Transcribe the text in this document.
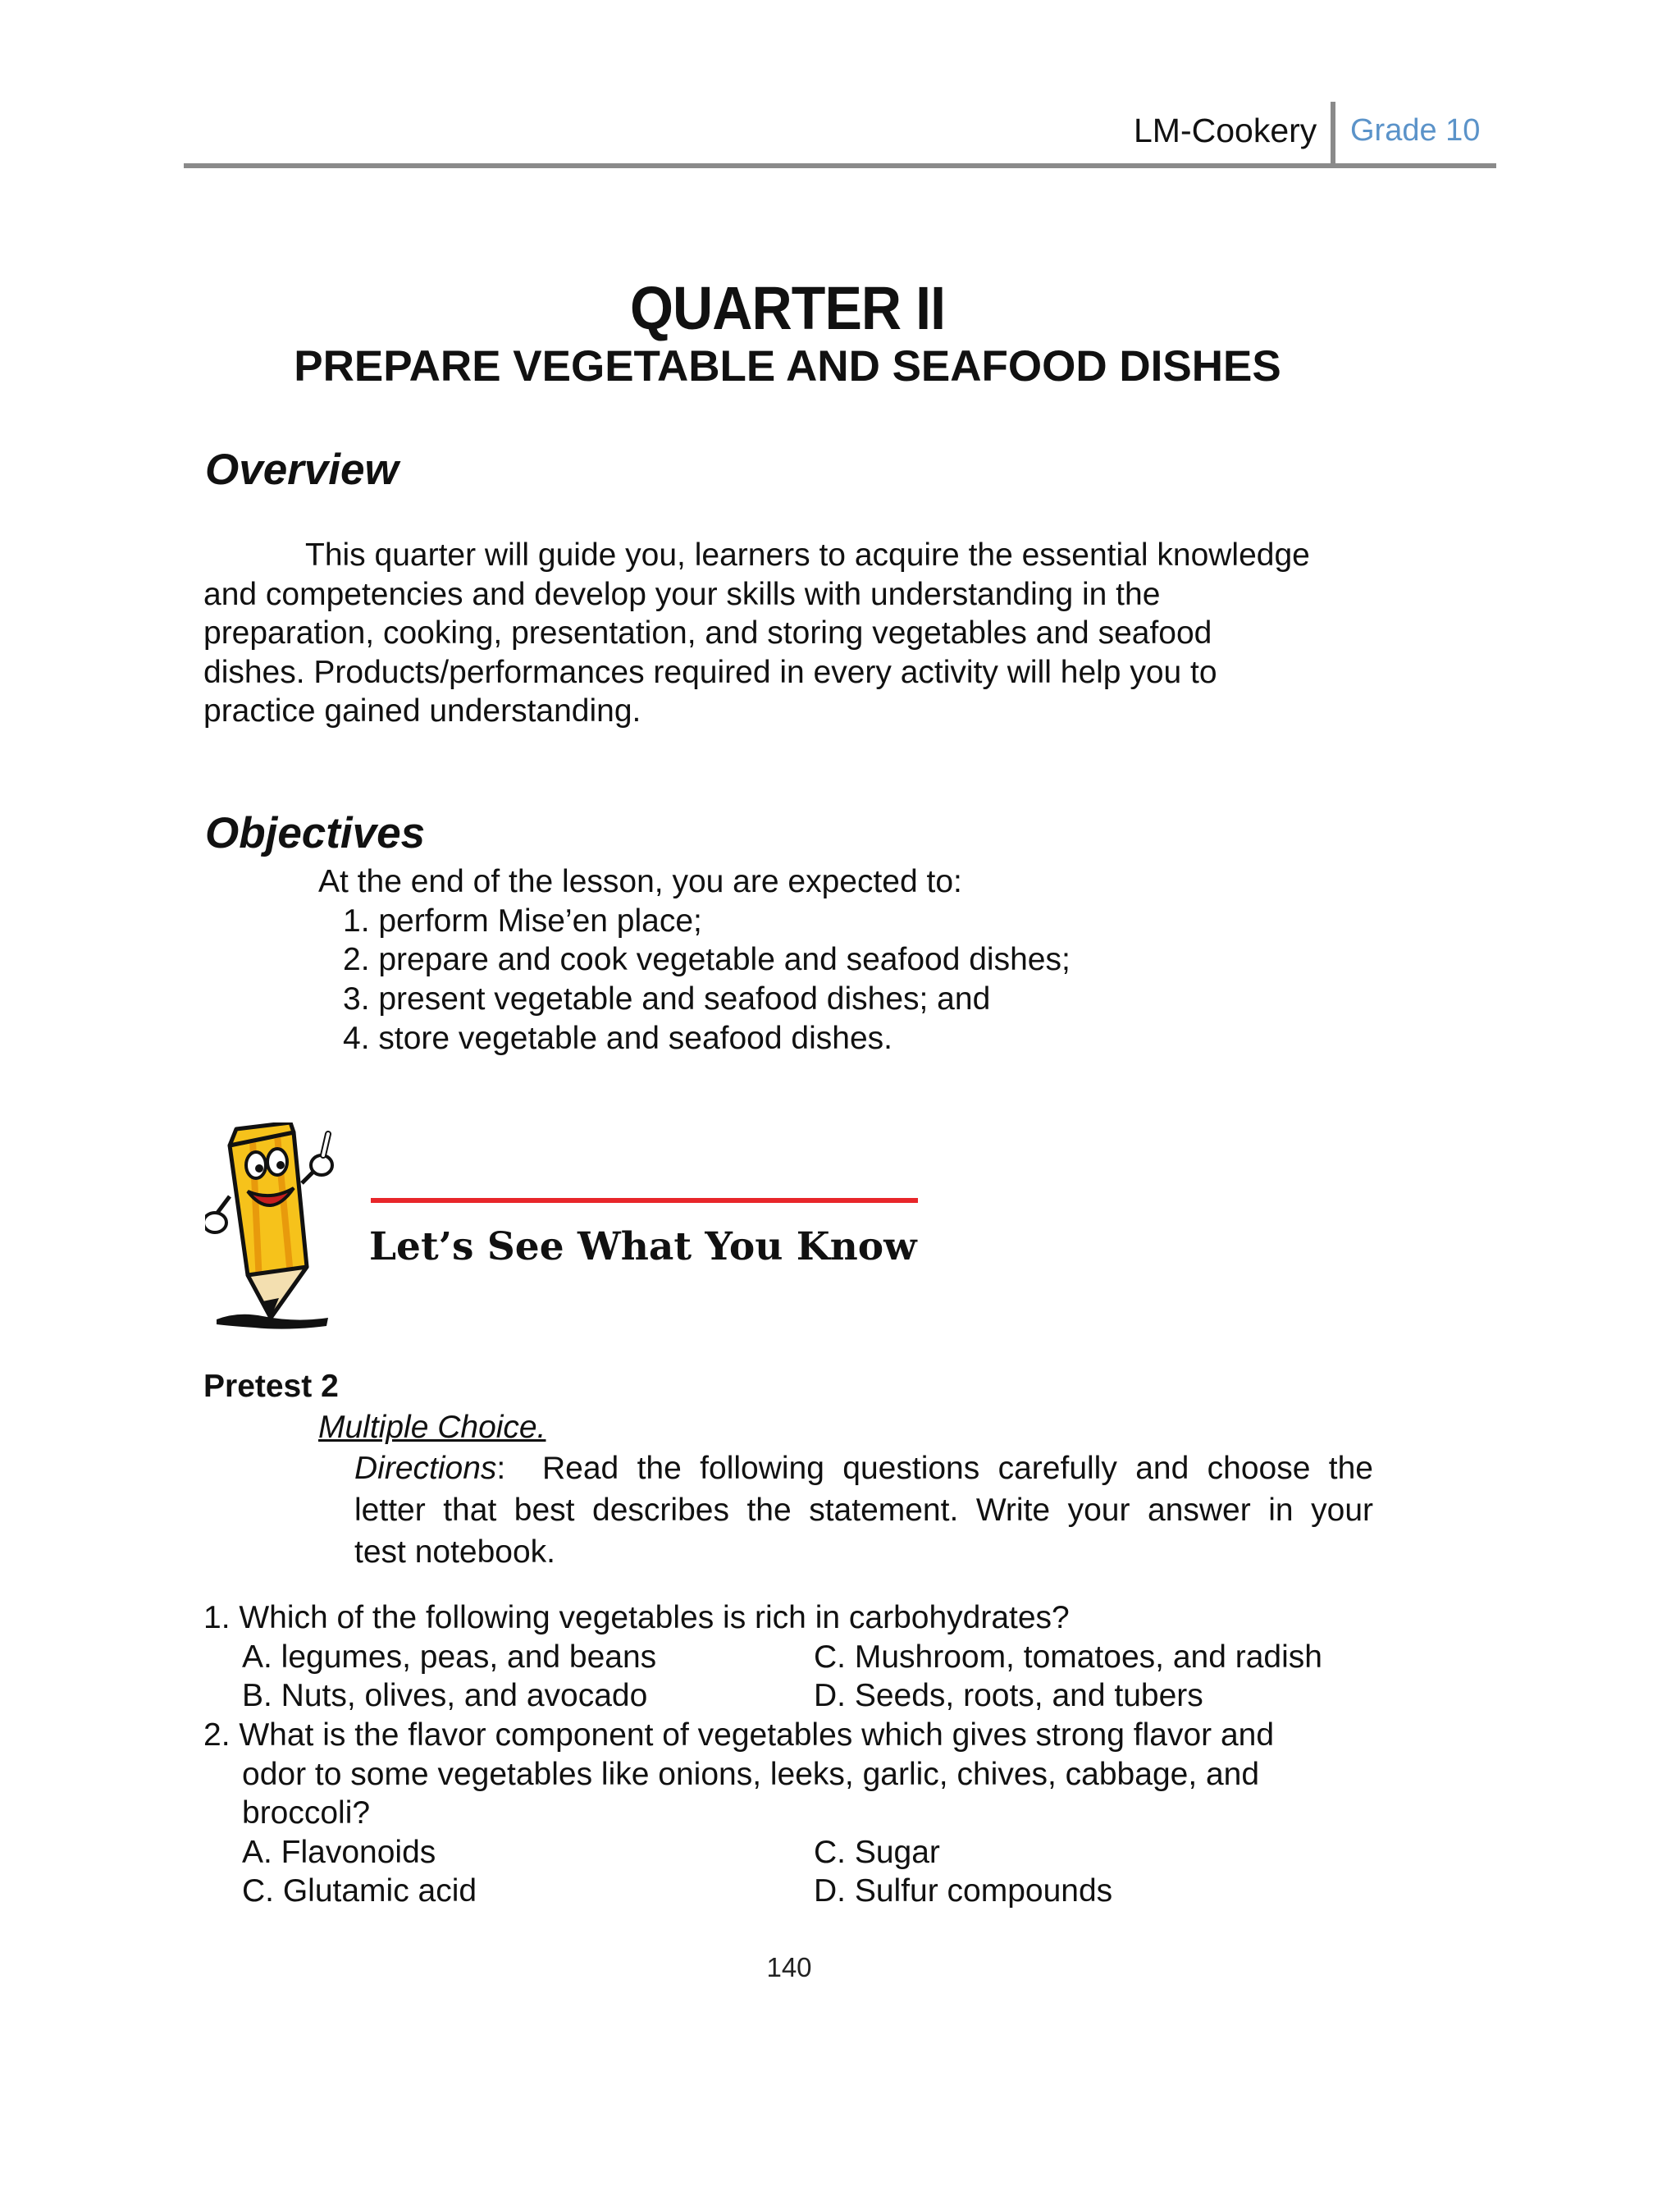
LM-Cookery Grade 10
QUARTER II
PREPARE VEGETABLE AND SEAFOOD DISHES
Overview
This quarter will guide you, learners to acquire the essential knowledge
and competencies and develop your skills with understanding in the
preparation, cooking, presentation, and storing vegetables and seafood
dishes. Products/performances required in every activity will help you to
practice gained understanding.
Objectives
At the end of the lesson, you are expected to:
1. perform Mise’en place;
2. prepare and cook vegetable and seafood dishes;
3. present vegetable and seafood dishes; and
4. store vegetable and seafood dishes.
Let’s See What You Know
Pretest 2
Multiple Choice.
Directions :  Read the following questions carefully and choose the
letter that best describes the statement. Write your answer in your
test notebook.
1. Which of the following vegetables is rich in carbohydrates?
A. legumes, peas, and beans	C. Mushroom, tomatoes, and radish
B. Nuts, olives, and avocado	D. Seeds, roots, and tubers
2. What is the flavor component of vegetables which gives strong flavor and
odor to some vegetables like onions, leeks, garlic, chives, cabbage, and
broccoli?
A. Flavonoids	C. Sugar
C. Glutamic acid	D. Sulfur compounds
140
